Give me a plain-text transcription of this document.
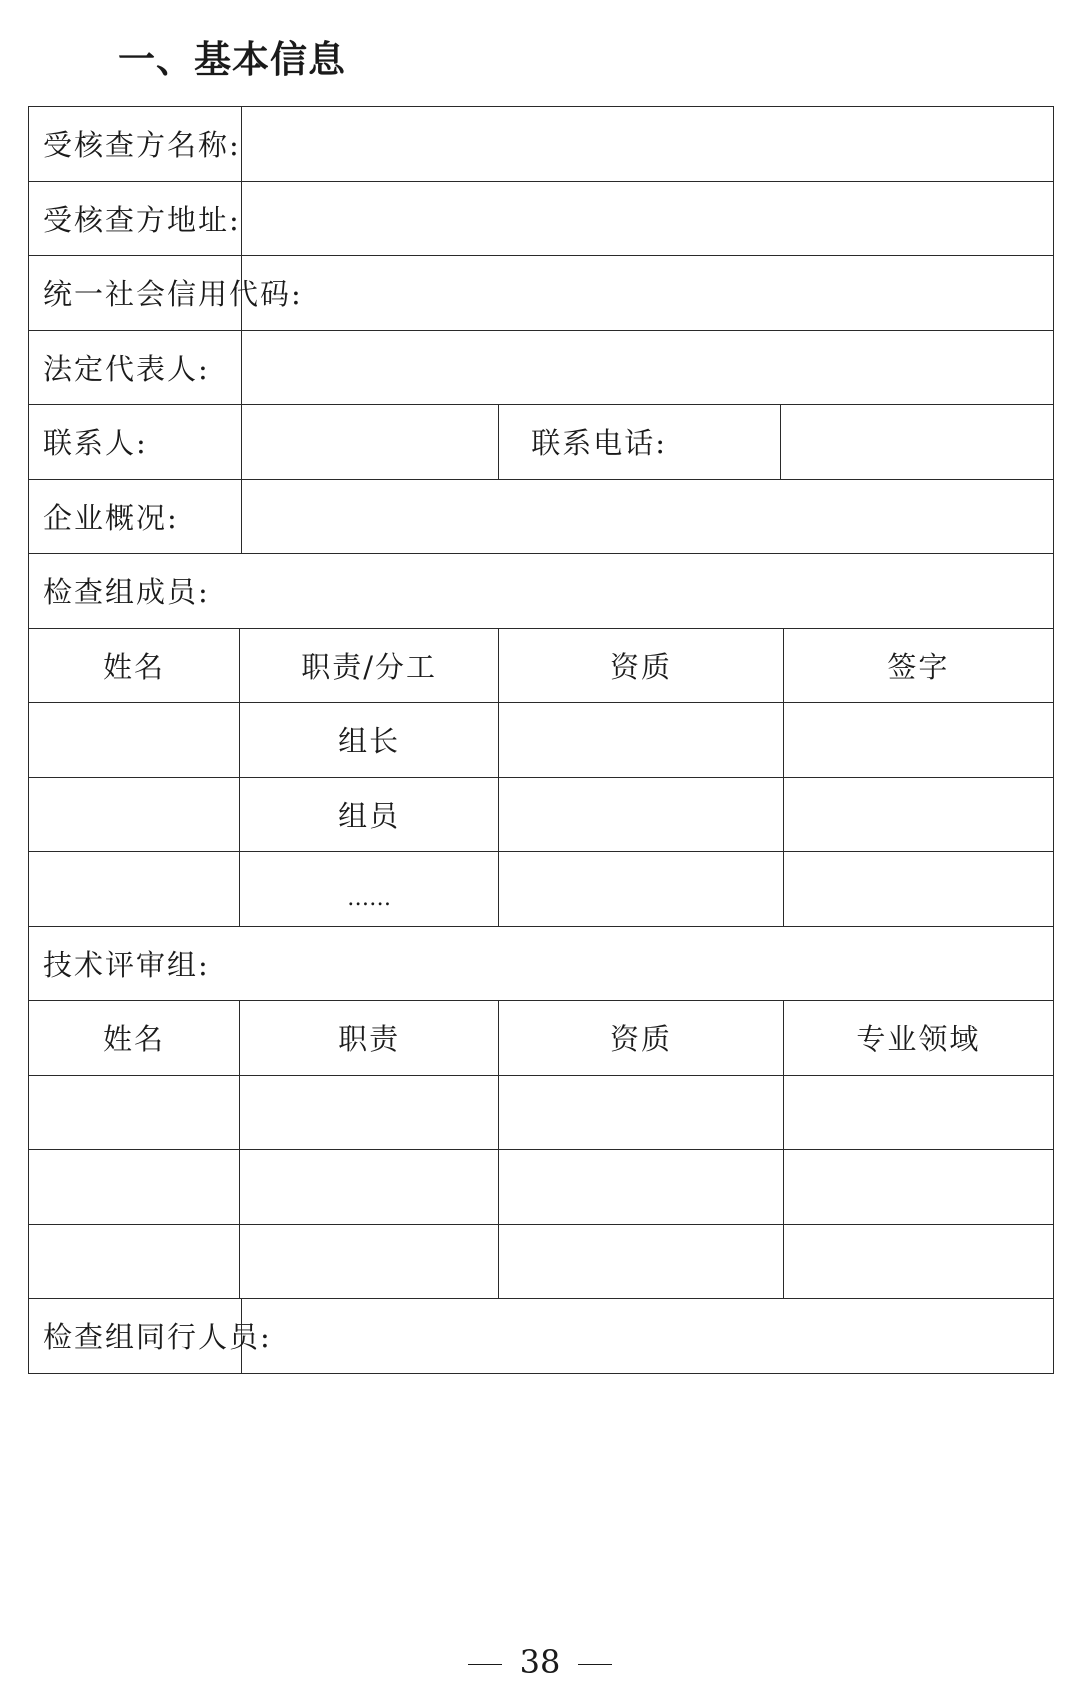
一、基本信息
受核查方名称:					
受核查方地址:					
统一社会信用代码:					
法定代表人:					
联系人:			联系电话:		
企业概况:					
检查组成员:					
姓名	职责/分工		资质		签字
	组长				
	组员				
	$_{\dots\dots}$		
技术评审组:					
姓名	职责		资质		专业领域

检查组同行人员:					
38
